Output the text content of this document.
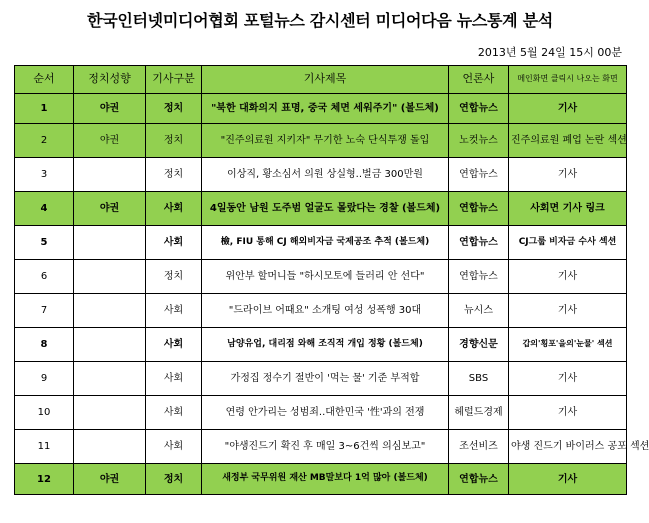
한국인터넷미디어협회 포털뉴스 감시센터 미디어다음 뉴스통계 분석
2013년 5월 24일 15시 00분
순서	정치성향	기사구분	기사제목	언론사	메인화면 클릭시 나오는 화면
1	야권	정치	"북한 대화의지 표명, 중국 체면 세워주기" (볼드체)	연합뉴스	기사
2	야권	정치	"진주의료원 지키자" 무기한 노숙 단식투쟁 돌입	노컷뉴스	진주의료원 폐업 논란 섹션
3		정치	이상직, 황소심서 의원 상실형..벌금 300만원	연합뉴스	기사
4	야권	사회	4일동안 남원 도주범 얼굴도 몰랐다는 경찰 (볼드체)	연합뉴스	사회면 기사 링크
5		사회	檢, FIU 통해 CJ 해외비자금 국제공조 추적 (볼드체)	연합뉴스	CJ그룹 비자금 수사 섹션
6		정치	위안부 할머니들 "하시모토에 들러리 안 선다"	연합뉴스	기사
7		사회	"드라이브 어때요" 소개팅 여성 성폭행 30대	뉴시스	기사
8		사회	남양유업, 대리점 와해 조직적 개입 정황 (볼드체)	경향신문	갑의'횡포'을의'눈물' 섹션
9		사회	가정집 정수기 절반이 '먹는 물' 기준 부적합	SBS	기사
10		사회	연령 안가리는 성범죄..대한민국 '性'과의 전쟁	헤럴드경제	기사
11		사회	"야생진드기 확진 후 매일 3~6건씩 의심보고"	조선비즈	야생 진드기 바이러스 공포 섹션
12	야권	정치	새정부 국무위원 재산 MB말보다 1억 많아 (볼드체)	연합뉴스	기사
